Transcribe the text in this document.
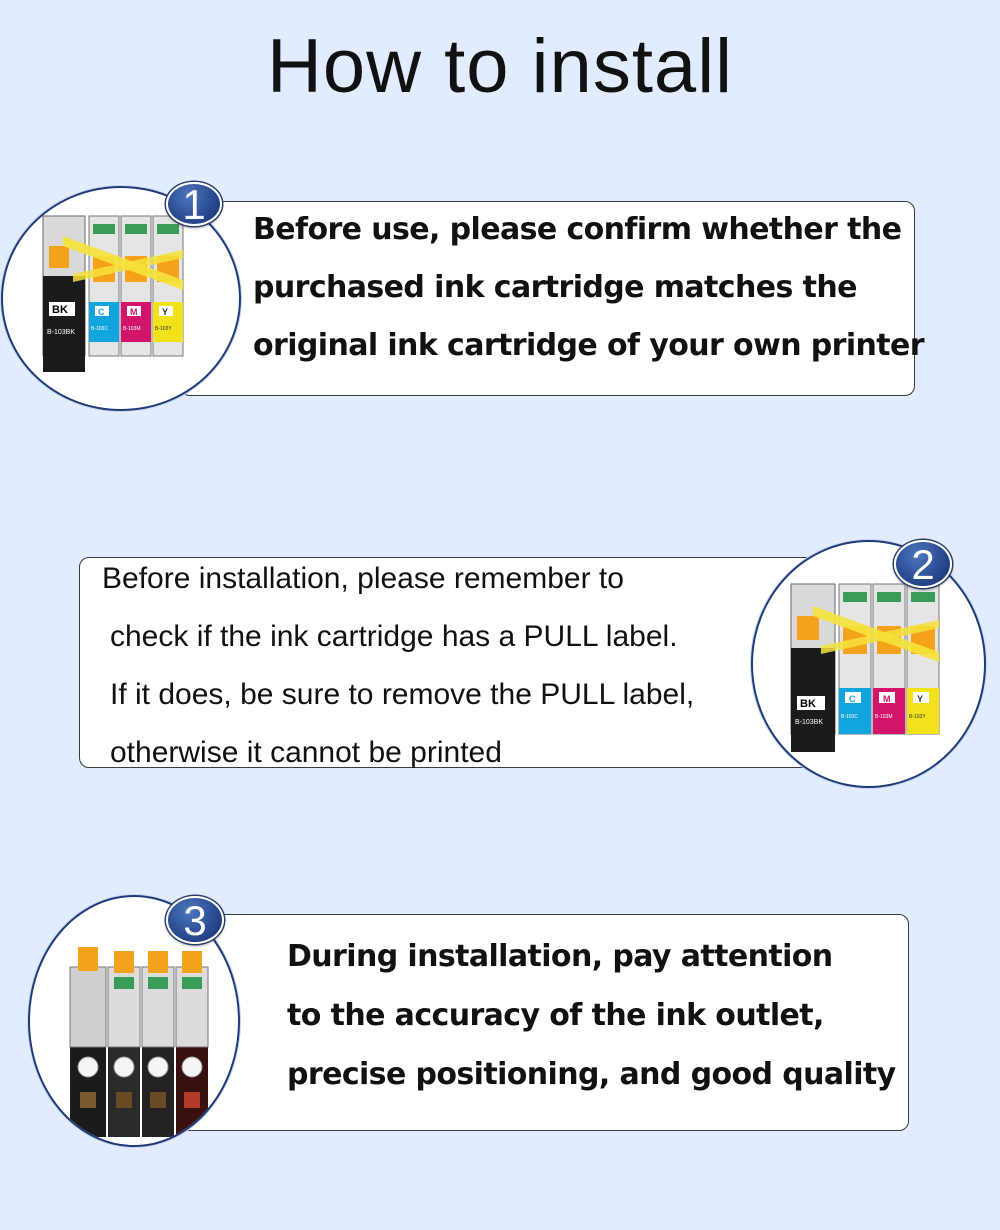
How to install
Before use, please confirm whether the
purchased ink cartridge matches the
original ink cartridge of your own printer
BK
B-103BK
C
B-103C
M
B-103M
Y
B-103Y
1
Before installation, please remember to
check if the ink cartridge has a PULL label.
If it does, be sure to remove the PULL label,
otherwise it cannot be printed
BK
B-103BK
C
B-103C
M
B-103M
Y
B-103Y
2
During installation, pay attention
to the accuracy of the ink outlet,
precise positioning, and good quality
3
